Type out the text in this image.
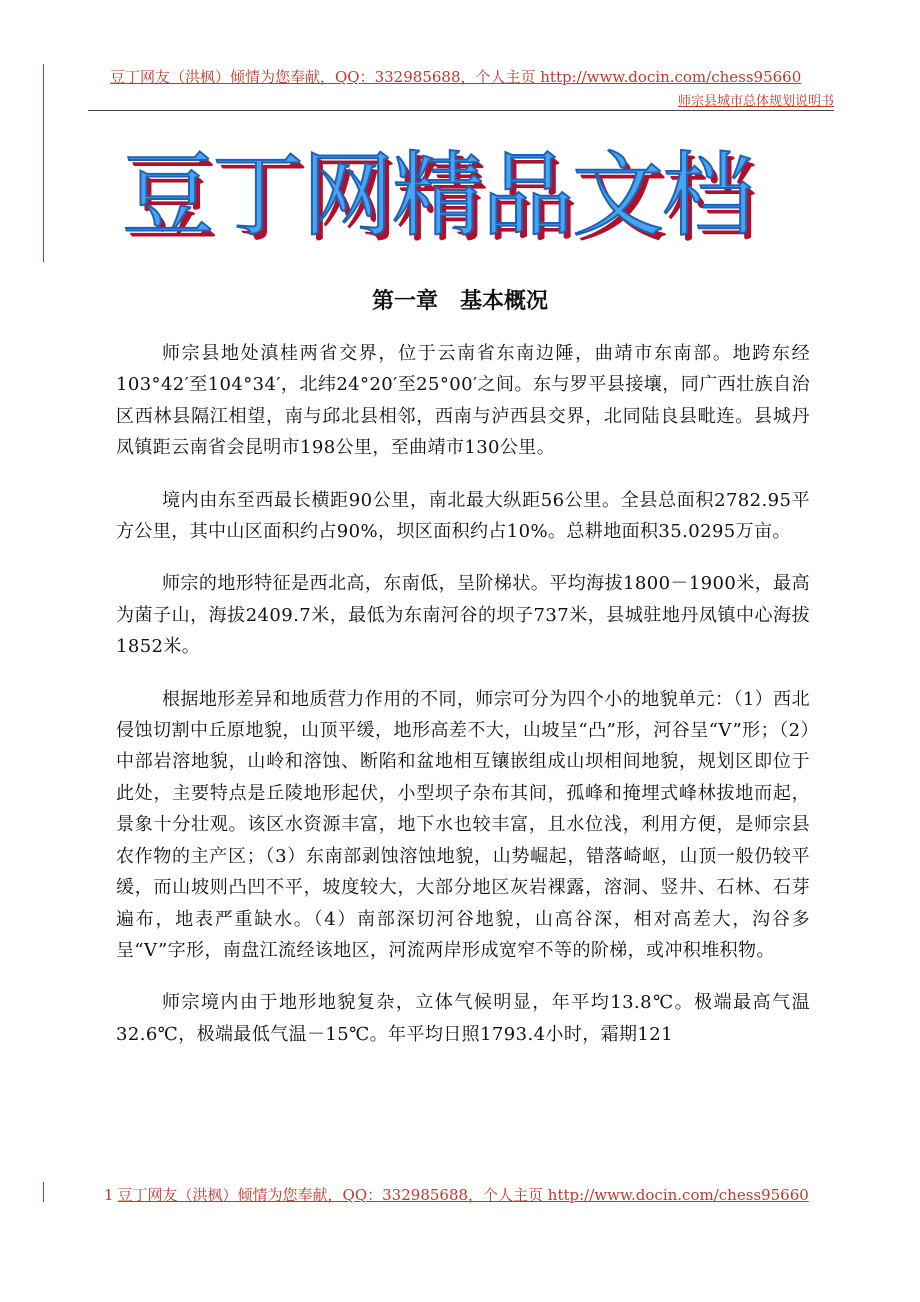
豆丁网友（洪枫）倾情为您奉献，QQ：332985688，个人主页 http://www.docin.com/chess95660
师宗县城市总体规划说明书
豆丁网精品文档
第一章　基本概况

师宗县地处滇桂两省交界，位于云南省东南边陲，曲靖市东南部。地跨东经103°42′至104°34′，北纬24°20′至25°00′之间。东与罗平县接壤，同广西壮族自治区西林县隔江相望，南与邱北县相邻，西南与泸西县交界，北同陆良县毗连。县城丹凤镇距云南省会昆明市198公里，至曲靖市130公里。

境内由东至西最长横距90公里，南北最大纵距56公里。全县总面积2782.95平方公里，其中山区面积约占90%，坝区面积约占10%。总耕地面积35.0295万亩。

师宗的地形特征是西北高，东南低，呈阶梯状。平均海拔1800－1900米，最高为菌子山，海拔2409.7米，最低为东南河谷的坝子737米，县城驻地丹凤镇中心海拔1852米。

根据地形差异和地质营力作用的不同，师宗可分为四个小的地貌单元：（1）西北侵蚀切割中丘原地貌，山顶平缓，地形高差不大，山坡呈“凸”形，河谷呈“V”形；（2）中部岩溶地貌，山岭和溶蚀、断陷和盆地相互镶嵌组成山坝相间地貌，规划区即位于此处，主要特点是丘陵地形起伏，小型坝子杂布其间，孤峰和掩埋式峰林拔地而起，景象十分壮观。该区水资源丰富，地下水也较丰富，且水位浅，利用方便，是师宗县农作物的主产区；（3）东南部剥蚀溶蚀地貌，山势崛起，错落崎岖，山顶一般仍较平缓，而山坡则凸凹不平，坡度较大，大部分地区灰岩裸露，溶洞、竖井、石林、石芽遍布，地表严重缺水。（4）南部深切河谷地貌，山高谷深，相对高差大，沟谷多呈“V”字形，南盘江流经该地区，河流两岸形成宽窄不等的阶梯，或冲积堆积物。

师宗境内由于地形地貌复杂，立体气候明显，年平均13.8℃。极端最高气温32.6℃，极端最低气温－15℃。年平均日照1793.4小时，霜期121

1 豆丁网友（洪枫）倾情为您奉献，QQ：332985688，个人主页 http://www.docin.com/chess95660
